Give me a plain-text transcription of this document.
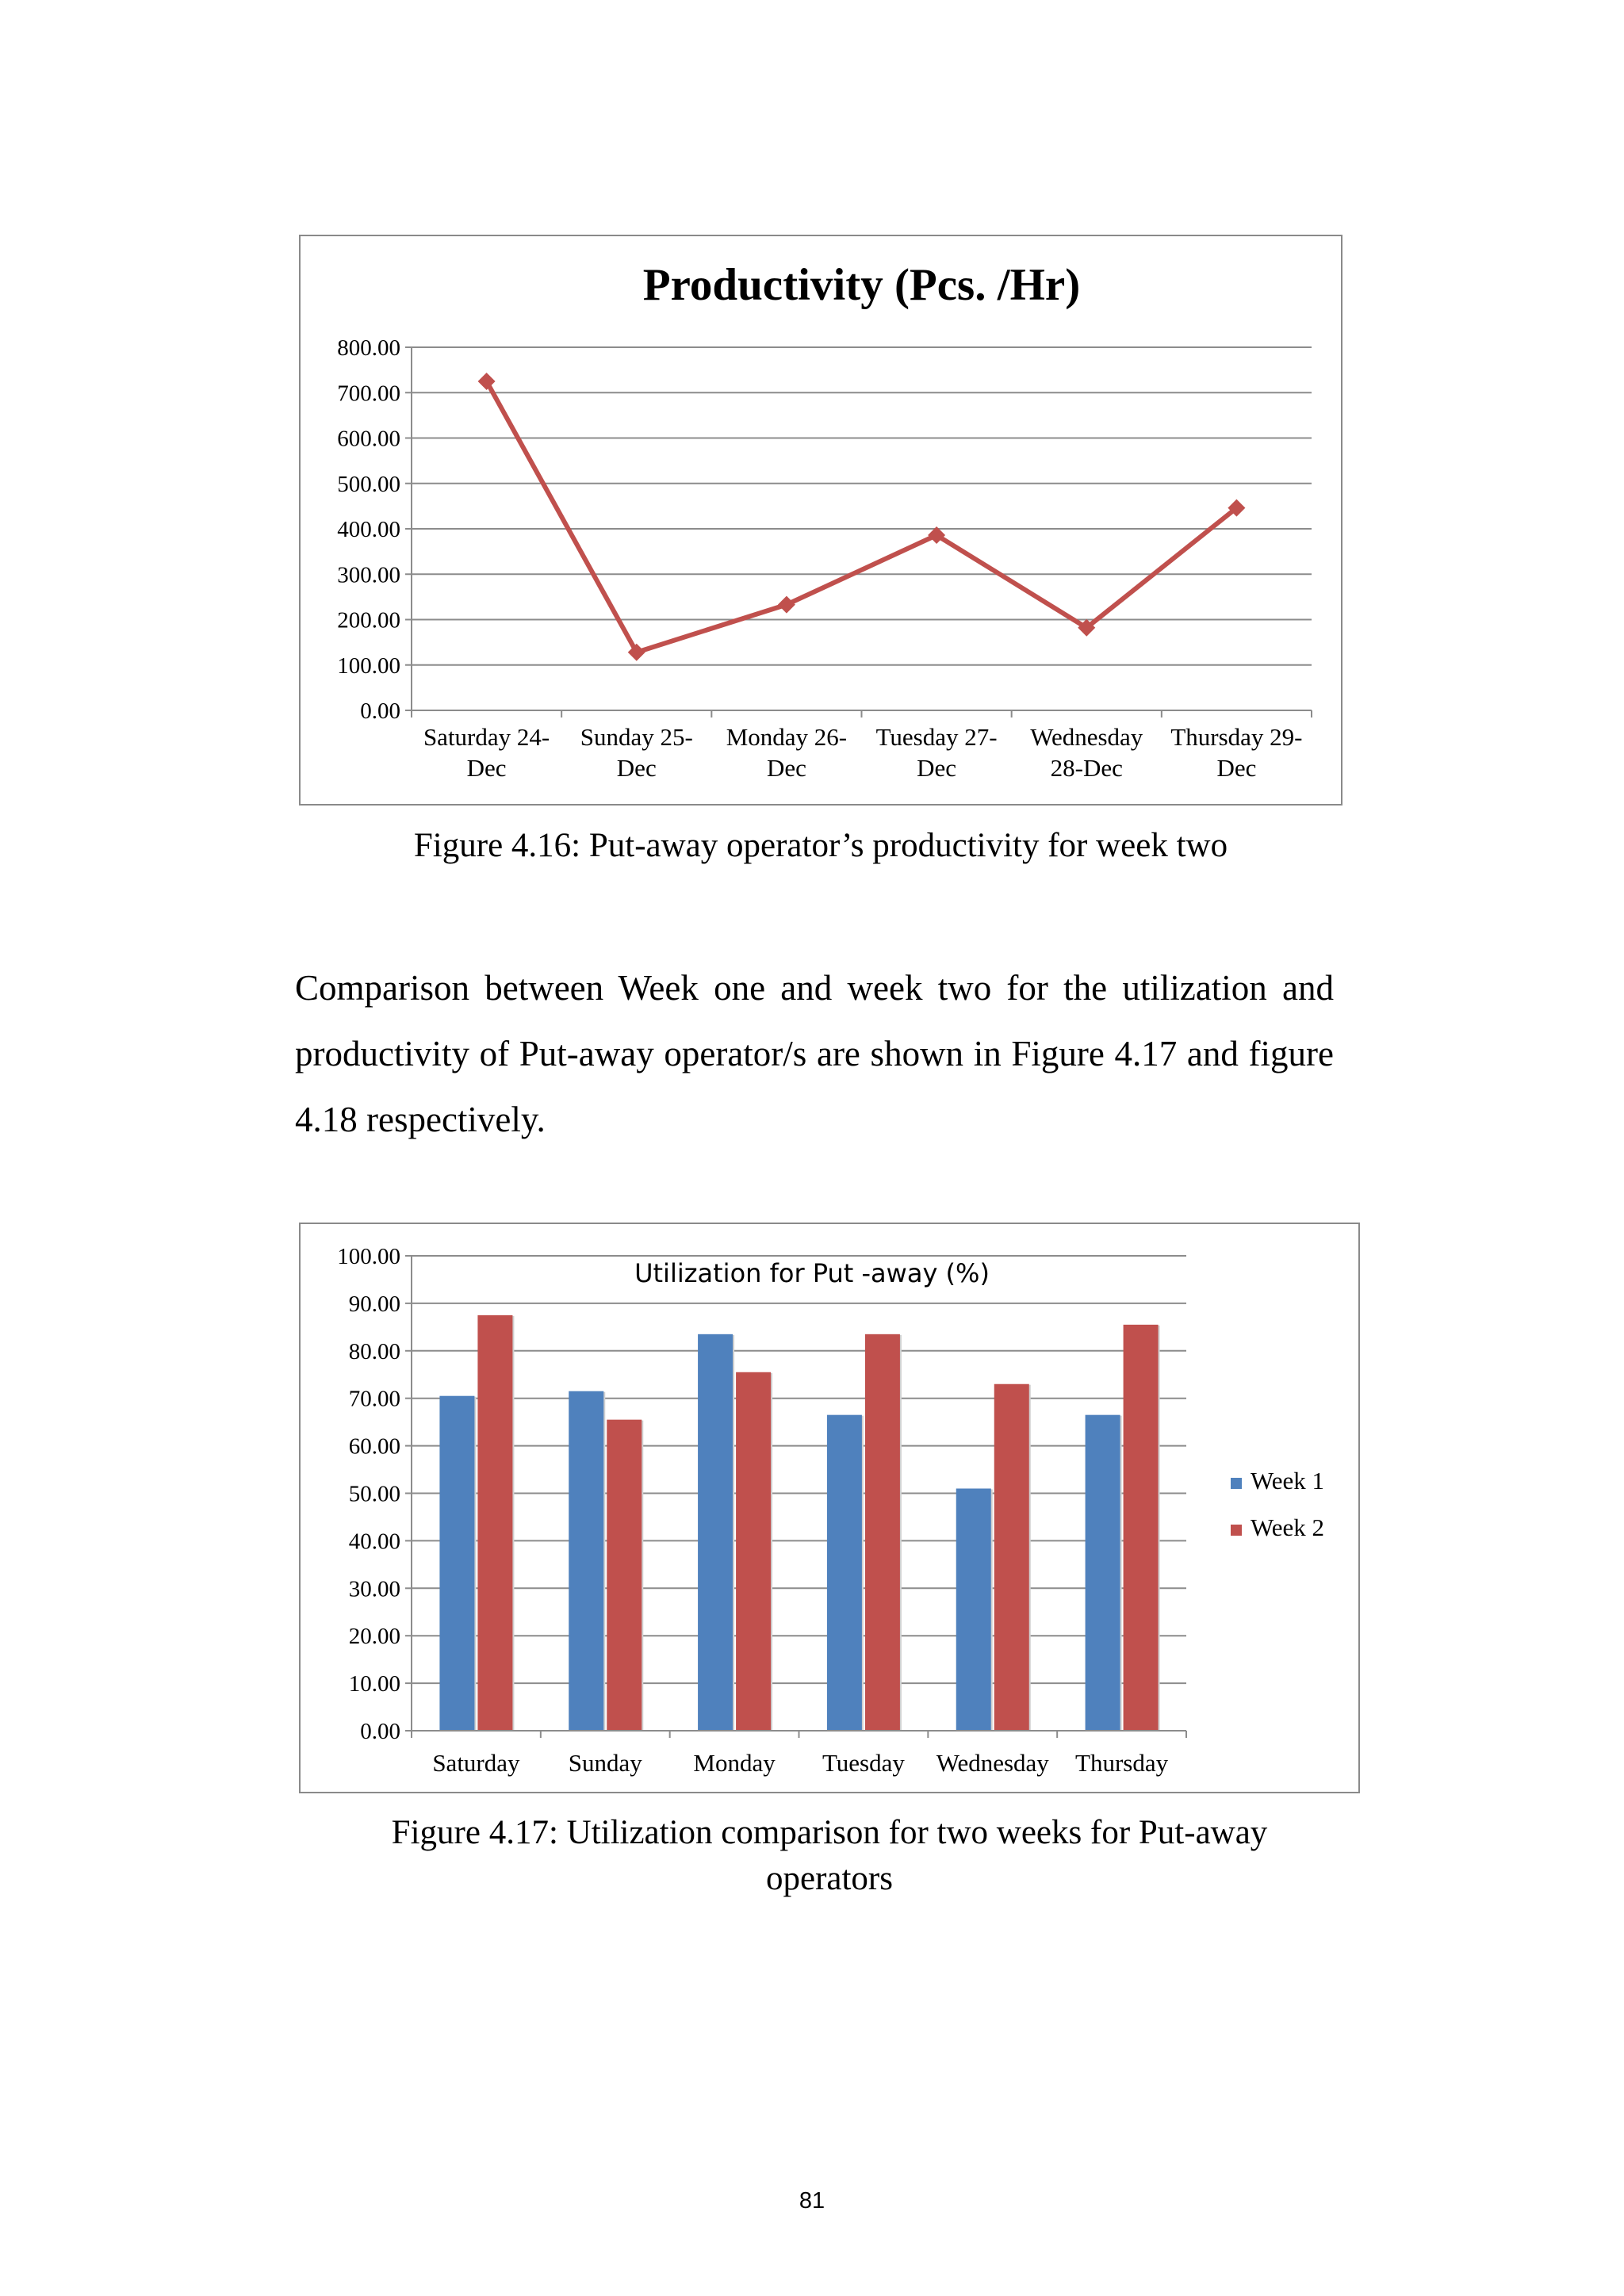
Productivity (Pcs. /Hr)
0.00
100.00
200.00
300.00
400.00
500.00
600.00
700.00
800.00
Saturday 24-
Dec
Sunday 25-
Dec
Monday 26-
Dec
Tuesday 27-
Dec
Wednesday
28-Dec
Thursday 29-
Dec
Figure 4.16: Put-away operator’s productivity for week two
Comparison between Week one and week two for the utilization and productivity of Put-away operator/s are shown in Figure 4.17 and figure 4.18 respectively.
0.00
10.00
20.00
30.00
40.00
50.00
60.00
70.00
80.00
90.00
100.00
Utilization for Put -away (%)
Saturday Sunday Monday Tuesday Wednesday Thursday
Week 1
Week 2
Figure 4.17: Utilization comparison for two weeks for Put-away
operators
81
